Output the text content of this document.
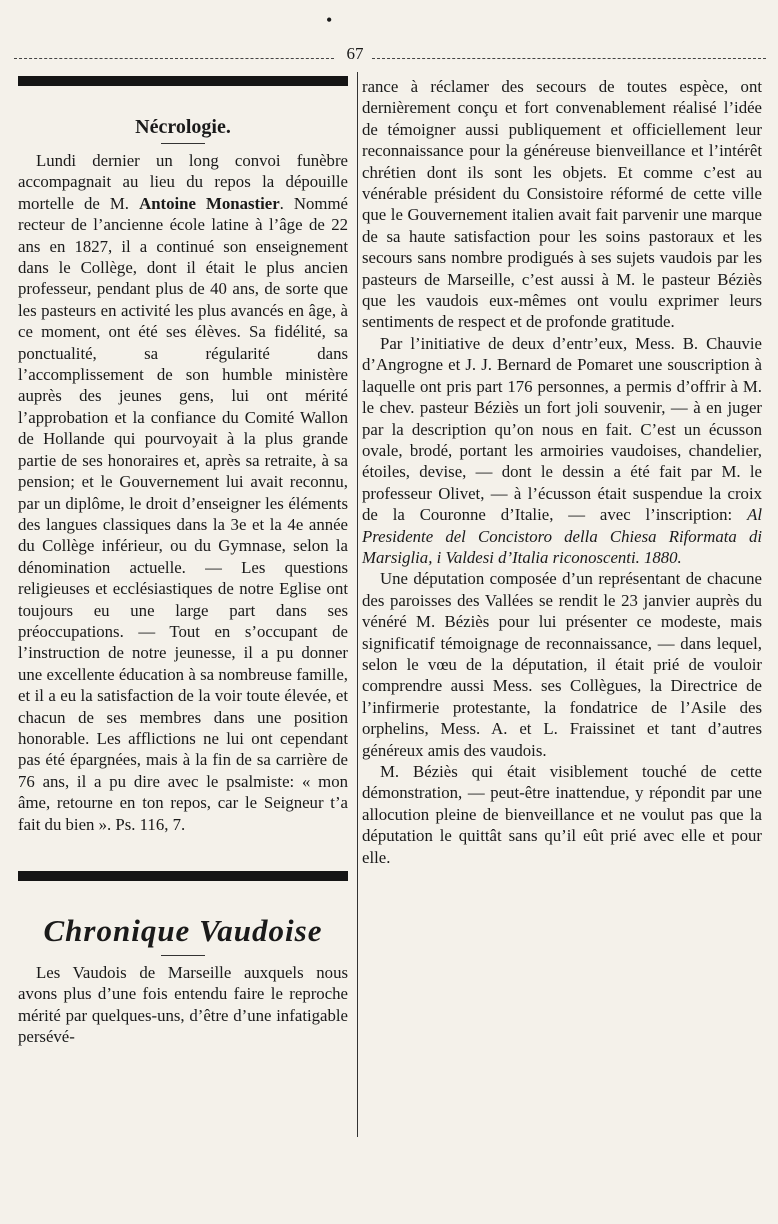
•
67
Nécrologie.

Lundi dernier un long convoi funèbre accompagnait au lieu du repos la dépouille mortelle de M. Antoine Monastier. Nommé recteur de l’ancienne école latine à l’âge de 22 ans en 1827, il a continué son enseignement dans le Collège, dont il était le plus ancien professeur, pendant plus de 40 ans, de sorte que les pasteurs en activité les plus avancés en âge, à ce moment, ont été ses élèves. Sa fidélité, sa ponctualité, sa régularité dans l’accomplissement de son humble ministère auprès des jeunes gens, lui ont mérité l’approbation et la confiance du Comité Wallon de Hollande qui pourvoyait à la plus grande partie de ses honoraires et, après sa retraite, à sa pension; et le Gouvernement lui avait reconnu, par un diplôme, le droit d’enseigner les éléments des langues classiques dans la 3e et la 4e année du Collège inférieur, ou du Gymnase, selon la dénomination actuelle. — Les questions religieuses et ecclésiastiques de notre Eglise ont toujours eu une large part dans ses préoccupations. — Tout en s’occupant de l’instruction de notre jeunesse, il a pu donner une excellente éducation à sa nombreuse famille, et il a eu la satisfaction de la voir toute élevée, et chacun de ses membres dans une position honorable. Les afflictions ne lui ont cependant pas été épargnées, mais à la fin de sa carrière de 76 ans, il a pu dire avec le psalmiste: « mon âme, retourne en ton repos, car le Seigneur t’a fait du bien ». Ps. 116, 7.

Chronique Vaudoise

Les Vaudois de Marseille auxquels nous avons plus d’une fois entendu faire le reproche mérité par quelques-uns, d’être d’une infatigable persévé-

rance à réclamer des secours de toutes espèce, ont dernièrement conçu et fort convenablement réalisé l’idée de témoigner aussi publiquement et officiellement leur reconnaissance pour la généreuse bienveillance et l’intérêt chrétien dont ils sont les objets. Et comme c’est au vénérable président du Consistoire réformé de cette ville que le Gouvernement italien avait fait parvenir une marque de sa haute satisfaction pour les soins pastoraux et les secours sans nombre prodigués à ses sujets vaudois par les pasteurs de Marseille, c’est aussi à M. le pasteur Béziès que les vaudois eux-mêmes ont voulu exprimer leurs sentiments de respect et de profonde gratitude.

Par l’initiative de deux d’entr’eux, Mess. B. Chauvie d’Angrogne et J. J. Bernard de Pomaret une souscription à laquelle ont pris part 176 personnes, a permis d’offrir à M. le chev. pasteur Béziès un fort joli souvenir, — à en juger par la description qu’on nous en fait. C’est un écusson ovale, brodé, portant les armoiries vaudoises, chandelier, étoiles, devise, — dont le dessin a été fait par M. le professeur Olivet, — à l’écusson était suspendue la croix de la Couronne d’Italie, — avec l’inscription: Al Presidente del Concistoro della Chiesa Riformata di Marsiglia, i Valdesi d’Italia riconoscenti. 1880.

Une députation composée d’un représentant de chacune des paroisses des Vallées se rendit le 23 janvier auprès du vénéré M. Béziès pour lui présenter ce modeste, mais significatif témoignage de reconnaissance, — dans lequel, selon le vœu de la députation, il était prié de vouloir comprendre aussi Mess. ses Collègues, la Directrice de l’infirmerie protestante, la fondatrice de l’Asile des orphelins, Mess. A. et L. Fraissinet et tant d’autres généreux amis des vaudois.

M. Béziès qui était visiblement touché de cette démonstration, — peut-être inattendue, y répondit par une allocution pleine de bienveillance et ne voulut pas que la députation le quittât sans qu’il eût prié avec elle et pour elle.
